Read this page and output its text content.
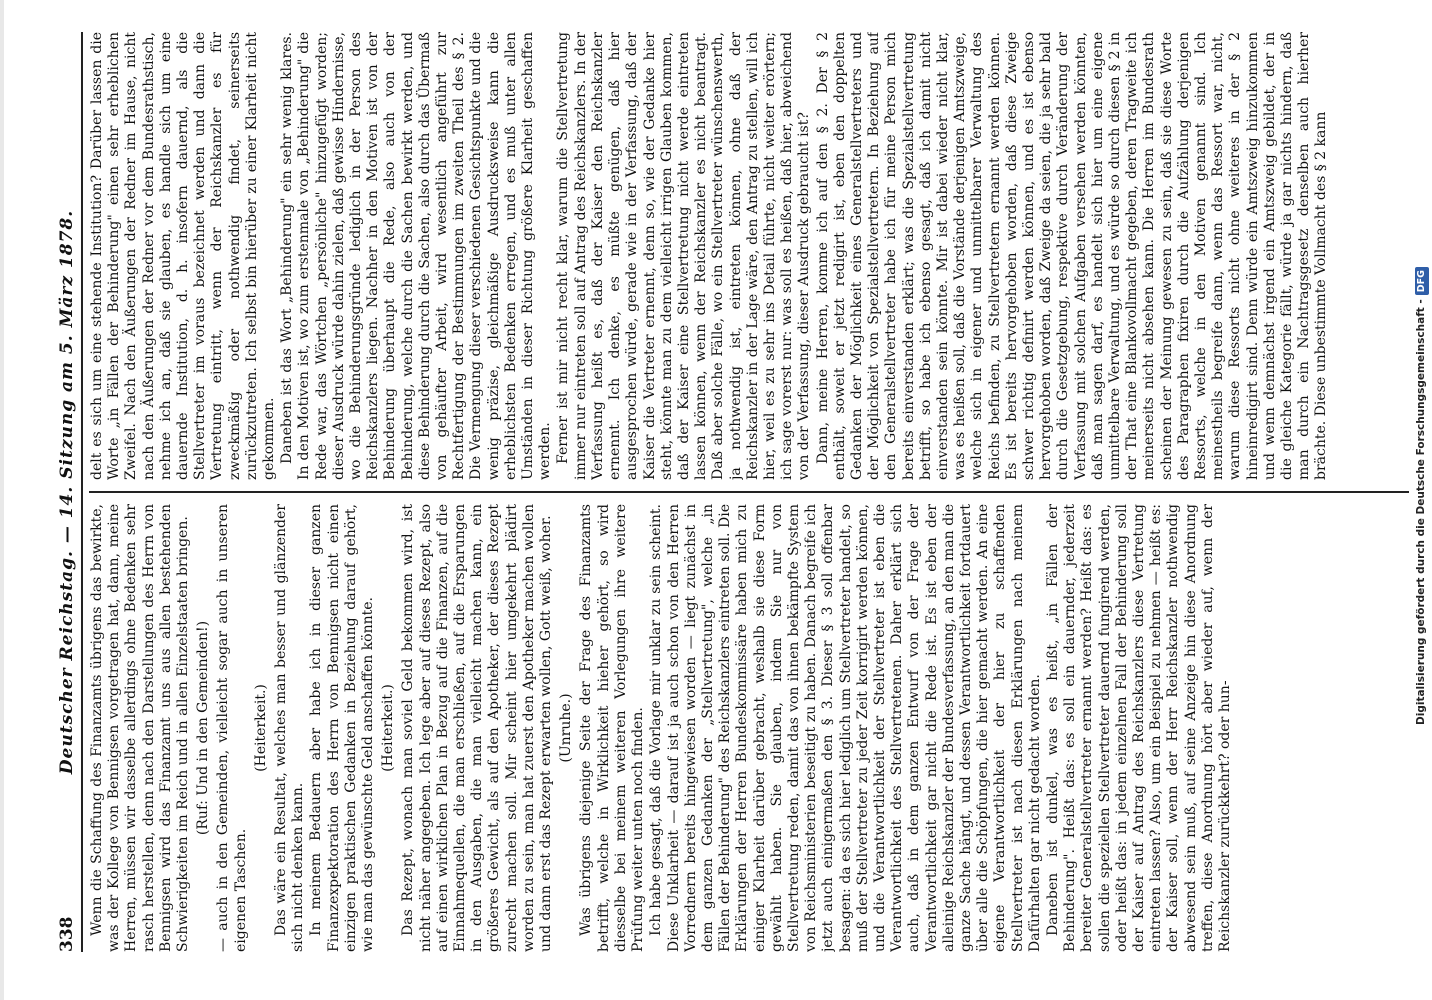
338
Deutscher Reichstag. — 14. Sitzung am 5. März 1878. Wenn die Schaffung des Finanzamts übrigens das bewirkte, was der Kollege von Bennigsen vorgetragen hat, dann, meine Herren, müssen wir dasselbe allerdings ohne Bedenken sehr rasch herstellen, denn nach den Darstellungen des Herrn von Bennigsen wird das Finanzamt uns aus allen bestehenden Schwierigkeiten im Reich und in allen Einzelstaaten bringen. (Ruf: Und in den Gemeinden!) — auch in den Gemeinden, vielleicht sogar auch in unseren eigenen Taschen.

(Heiterkeit.) Das wäre ein Resultat, welches man besser und glänzender sich nicht denken kann. In meinem Bedauern aber habe ich in dieser ganzen Finanzexpektoration des Herrn von Bennigsen nicht einen einzigen praktischen Gedanken in Beziehung darauf gehört, wie man das gewünschte Geld anschaffen könnte. (Heiterkeit.) Das Rezept, wonach man soviel Geld bekommen wird, ist nicht näher angegeben. Ich lege aber auf dieses Rezept, also auf einen wirklichen Plan in Bezug auf die Finanzen, auf die Einnahmequellen, die man erschließen, auf die Ersparungen in den Ausgaben, die man vielleicht machen kann, ein größeres Gewicht, als auf den Apotheker, der dieses Rezept zurecht machen soll. Mir scheint hier umgekehrt plädirt worden zu sein, man hat zuerst den Apotheker machen wollen und dann erst das Rezept erwarten wollen, Gott weiß, woher. (Unruhe.) Was übrigens diejenige Seite der Frage des Finanzamts betrifft, welche in Wirklichkeit hieher gehört, so wird diesselbe bei meinem weiteren Vorlegungen ihre weitere Prüfung weiter unten noch finden. Ich habe gesagt, daß die Vorlage mir unklar zu sein scheint. Diese Unklarheit — darauf ist ja auch schon von den Herren Vorrednern bereits hingewiesen worden — liegt zunächst in dem ganzen Gedanken der „Stellvertretung", welche „in Fällen der Behinderung" des Reichskanzlers eintreten soll. Die Erklärungen der Herren Bundeskommissäre haben mich zu einiger Klarheit darüber gebracht, weshalb sie diese Form gewählt haben. Sie glauben, indem Sie nur von Stellvertretung reden, damit das von ihnen bekämpfte System von Reichsministerien beseitigt zu haben. Danach begreife ich jetzt auch einigermaßen den § 3. Dieser § 3 soll offenbar besagen: da es sich hier lediglich um Stellvertreter handelt, so muß der Stellvertreter zu jeder Zeit korrigirt werden können, und die Verantwortlichkeit der Stellvertreter ist eben die Verantwortlichkeit des Stellvertretenen. Daher erklärt sich auch, daß in dem ganzen Entwurf von der Frage der Verantwortlichkeit gar nicht die Rede ist. Es ist eben der alleinige Reichskanzler der Bundesverfassung, an den man die ganze Sache hängt, und dessen Verantwortlichkeit fortdauert über alle die Schöpfungen, die hier gemacht werden. An eine eigene Verantwortlichkeit der hier zu schaffenden Stellvertreter ist nach diesen Erklärungen nach meinem Dafürhalten gar nicht gedacht worden. Daneben ist dunkel, was es heißt, „in Fällen der Behinderung". Heißt das: es soll ein dauernder, jederzeit bereiter Generalstellvertreter ernannt werden? Heißt das: es sollen die speziellen Stellvertreter dauernd fungirend werden, oder heißt das: in jedem einzelnen Fall der Behinderung soll der Kaiser auf Antrag des Reichskanzlers diese Vertretung eintreten lassen? Also, um ein Beispiel zu nehmen — heißt es: der Kaiser soll, wenn der Herr Reichskanzler nothwendig abwesend sein muß, auf seine Anzeige hin diese Anordnung treffen, diese Anordnung hört aber wieder auf, wenn der Reichskanzler zurückkehrt? oder hun-

delt es sich um eine stehende Institution? Darüber lassen die Worte „in Fällen der Behinderung" einen sehr erheblichen Zweifel. Nach den Äußerungen der Redner im Hause, nicht nach den Äußerungen der Redner vor dem Bundesrathstisch, nehme ich an, daß sie glauben, es handle sich um eine dauernde Institution, d. h. insofern dauernd, als die Stellvertreter im voraus bezeichnet werden und dann die Vertretung eintritt, wenn der Reichskanzler es für zweckmäßig oder nothwendig findet, seinerseits zurückzutreten. Ich selbst bin hierüber zu einer Klarheit nicht gekommen. Daneben ist das Wort „Behinderung" ein sehr wenig klares. In den Motiven ist, wo zum erstenmale von „Behinderung" die Rede war, das Wörtchen „persönliche" hinzugefügt worden; dieser Ausdruck würde dahin zielen, daß gewisse Hindernisse, wo die Behinderungsgründe lediglich in der Person des Reichskanzlers liegen. Nachher in den Motiven ist von der Behinderung überhaupt die Rede, also auch von der Behinderung, welche durch die Sachen bewirkt werden, und diese Behinderung durch die Sachen, also durch das Übermaß von gehäufter Arbeit, wird wesentlich angeführt zur Rechtfertigung der Bestimmungen im zweiten Theil des § 2. Die Vermengung dieser verschiedenen Gesichtspunkte und die wenig präzise, gleichmäßige Ausdrucksweise kann die erheblichsten Bedenken erregen, und es muß unter allen Umständen in dieser Richtung größere Klarheit geschaffen werden. Ferner ist mir nicht recht klar, warum die Stellvertretung immer nur eintreten soll auf Antrag des Reichskanzlers. In der Verfassung heißt es, daß der Kaiser den Reichskanzler ernennt. Ich denke, es müßte genügen, daß hier ausgesprochen würde, gerade wie in der Verfassung, daß der Kaiser die Vertreter ernennt, denn so, wie der Gedanke hier steht, könnte man zu dem vielleicht irrigen Glauben kommen, daß der Kaiser eine Stellvertretung nicht werde eintreten lassen können, wenn der Reichskanzler es nicht beantragt. Daß aber solche Fälle, wo ein Stellvertreter wünschenswerth, ja nothwendig ist, eintreten können, ohne daß der Reichskanzler in der Lage wäre, den Antrag zu stellen, will ich hier, weil es zu sehr ins Detail führte, nicht weiter erörtern; ich sage vorerst nur: was soll es heißen, daß hier, abweichend von der Verfassung, dieser Ausdruck gebraucht ist? Dann, meine Herren, komme ich auf den § 2. Der § 2 enthält, soweit er jetzt redigirt ist, eben den doppelten Gedanken der Möglichkeit eines Generalstellvertreters und der Möglichkeit von Spezialstellvertretern. In Beziehung auf den Generalstellvertreter habe ich für meine Person mich bereits einverstanden erklärt; was die Spezialstellvertretung betrifft, so habe ich ebenso gesagt, daß ich damit nicht einverstanden sein könnte. Mir ist dabei wieder nicht klar, was es heißen soll, daß die Vorstände derjenigen Amtszweige, welche sich in eigener und unmittelbarer Verwaltung des Reichs befinden, zu Stellvertretern ernannt werden können. Es ist bereits hervorgehoben worden, daß diese Zweige schwer richtig definirt werden können, und es ist ebenso hervorgehoben worden, daß Zweige da seien, die ja sehr bald durch die Gesetzgebung, respektive durch Veränderung der Verfassung mit solchen Aufgaben versehen werden könnten, daß man sagen darf, es handelt sich hier um eine eigene unmittelbare Verwaltung, und es würde so durch diesen § 2 in der That eine Blankovollmacht gegeben, deren Tragweite ich meinerseits nicht absehen kann. Die Herren im Bundesrath scheinen der Meinung gewesen zu sein, daß sie diese Worte des Paragraphen fixiren durch die Aufzählung derjenigen Ressorts, welche in den Motiven genannt sind. Ich meinestheils begreife dann, wenn das Ressort war, nicht, warum diese Ressorts nicht ohne weiteres in der § 2 hineinredigirt sind. Denn würde ein Amtszweig hinzukommen und wenn demnächst irgend ein Amtszweig gebildet, der in die gleiche Kategorie fällt, würde ja gar nichts hindern, daß man durch ein Nachtragsgesetz denselben auch hierher brächte. Diese unbestimmte Vollmacht des § 2 kann

Digitalisierung gefördert durch die Deutsche Forschungsgemeinschaft -DFG
